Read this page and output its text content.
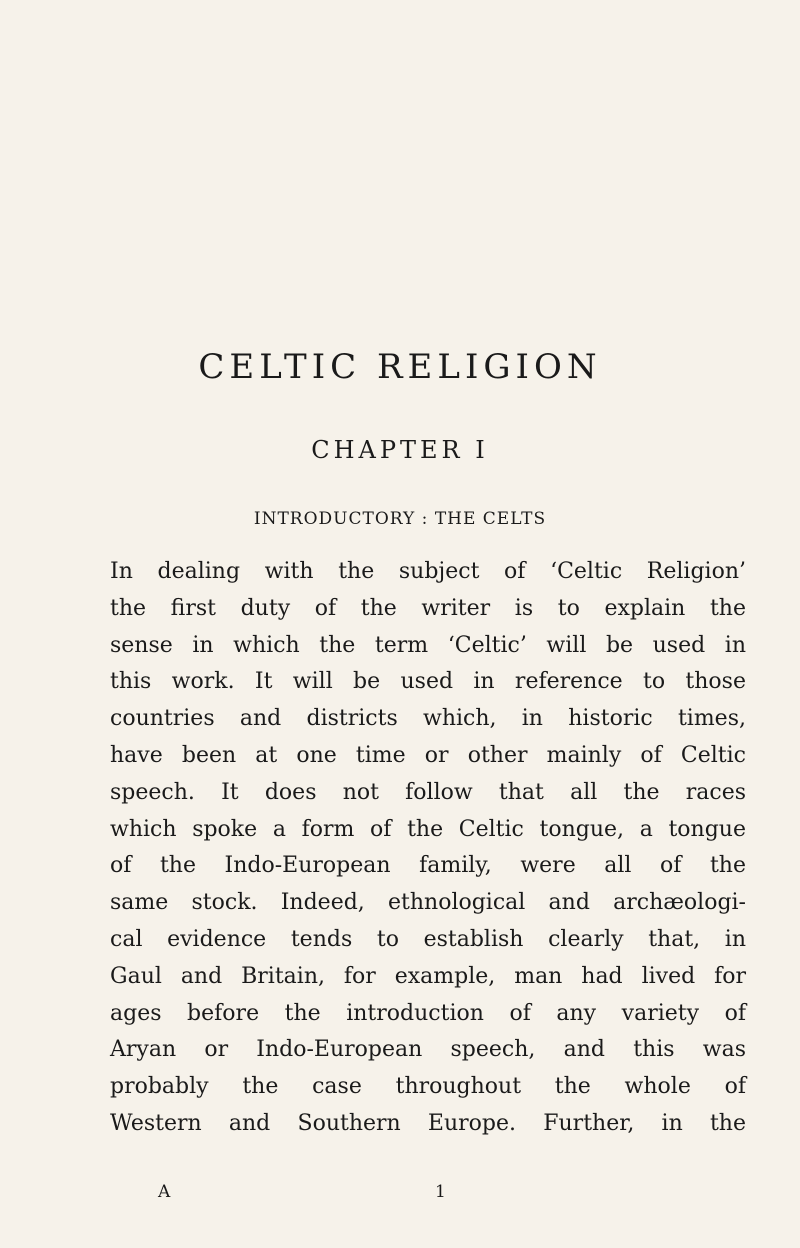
CELTIC RELIGION
CHAPTER I

INTRODUCTORY : THE CELTS

In dealing with the subject of ‘Celtic Religion’
the first duty of the writer is to explain the
sense in which the term ‘Celtic’ will be used in
this work. It will be used in reference to those
countries and districts which, in historic times,
have been at one time or other mainly of Celtic
speech. It does not follow that all the races
which spoke a form of the Celtic tongue, a tongue
of the Indo-European family, were all of the
same stock. Indeed, ethnological and archæologi-
cal evidence tends to establish clearly that, in
Gaul and Britain, for example, man had lived for
ages before the introduction of any variety of
Aryan or Indo-European speech, and this was
probably the case throughout the whole of
Western and Southern Europe. Further, in the

A	1
